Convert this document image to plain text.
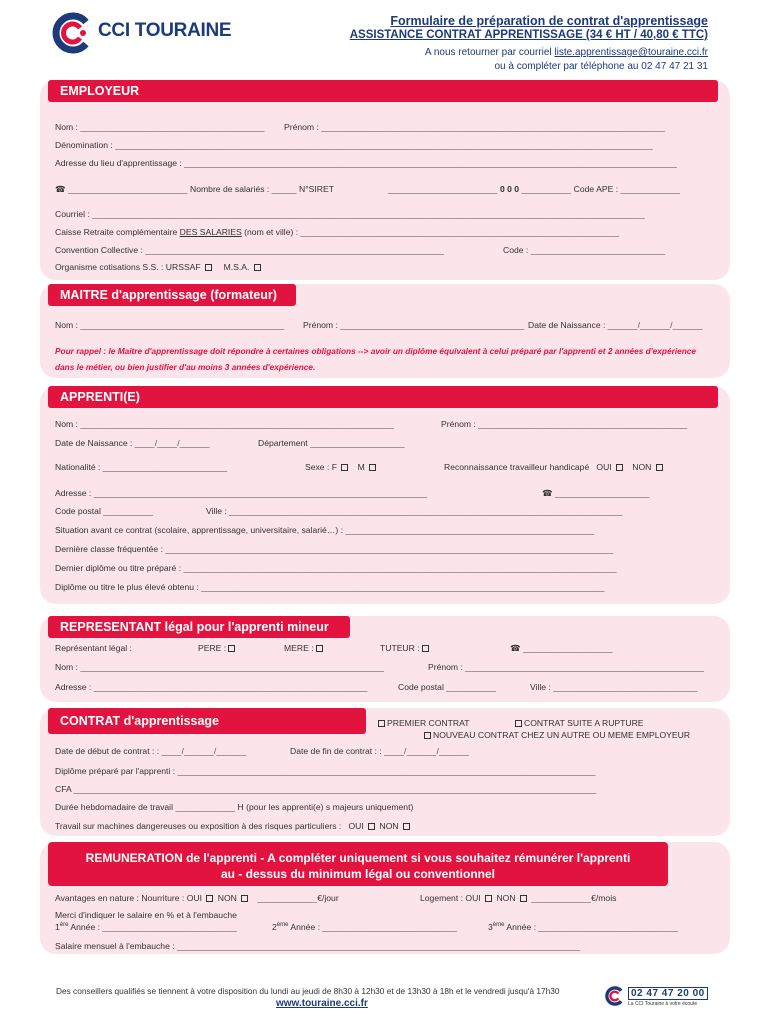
CCI TOURAINE	Formulaire de préparation de contrat d'apprentissage
ASSISTANCE CONTRAT APPRENTISSAGE (34 € HT / 40,80 € TTC)
A nous retourner par courriel liste.apprentissage@touraine.cci.fr
ou à compléter par téléphone au 02 47 47 21 31
EMPLOYEUR
Nom : _____________________________________ Prénom : _____________________________________________________________________
Dénomination : ____________________________________________________________________________________________________________
Adresse du lieu d'apprentissage : ___________________________________________________________________________________________________
☎ ________________________ Nombre de salariés : _____ N°SIRET	______________________ 0 0 0 __________ Code APE : ____________
Courriel : _______________________________________________________________________________________________________________
Caisse Retraite complémentaire DES SALARIES (nom et ville) : ________________________________________________________________
Convention Collective : ____________________________________________________________	Code : ___________________________
Organisme cotisations S.S. : URSSAF	M.S.A.
MAITRE d'apprentissage (formateur)
Nom : _________________________________________ Prénom : _____________________________________ Date de Naissance : ______/______/______
Pour rappel : le Maitre d'apprentissage doit répondre à certaines obligations --> avoir un diplôme équivalent à celui préparé par l'apprenti et 2 années d'expérience
dans le métier, ou bien justifier d'au moins 3 années d'expérience.
APPRENTI(E)
Nom : _______________________________________________________________	Prénom : __________________________________________
Date de Naissance : ____/____/______	Département ___________________
Nationalité : _________________________	Sexe : F M	Reconnaissance travailleur handicapé OUI NON
Adresse : ___________________________________________________________________	☎ ___________________
Code postal __________	Ville : _______________________________________________________________________________
Situation avant ce contrat (scolaire, apprentissage, universitaire, salarié…) : __________________________________________________
Dernière classe fréquentée : __________________________________________________________________________________________
Dernier diplôme ou titre préparé : _______________________________________________________________________________________
Diplôme ou titre le plus élevé obtenu : _________________________________________________________________________________
REPRESENTANT légal pour l'apprenti mineur
Représentant légal :	PERE :	MERE :	TUTEUR :	☎ __________________
Nom : _____________________________________________________________	Prénom : ________________________________________________
Adresse : _______________________________________________________	Code postal __________	Ville : _____________________________
CONTRAT d'apprentissage	PREMIER CONTRAT	CONTRAT SUITE A RUPTURE
NOUVEAU CONTRAT CHEZ UN AUTRE OU MEME EMPLOYEUR
Date de début de contrat : : ____/______/______	Date de fin de contrat : : ____/______/______
Diplôme préparé par l'apprenti : ____________________________________________________________________________________
CFA _________________________________________________________________________________________________________
Durée hebdomadaire de travail ____________ H (pour les apprenti(e) s majeurs uniquement)
Travail sur machines dangereuses ou exposition à des risques particuliers : OUI NON
REMUNERATION de l'apprenti - A compléter uniquement si vous souhaitez rémunérer l'apprenti
au - dessus du minimum légal ou conventionnel
Avantages en nature : Nourriture : OUI NON ____________€/jour	Logement : OUI NON ____________€/mois
Merci d'indiquer le salaire en % et à l'embauche
1ère Année : ___________________________	2ème Année : ___________________________	3ème Année : ____________________________
Salaire mensuel à l'embauche : _________________________________________________________________________________
Des conseillers qualifiés se tiennent à votre disposition du lundi au jeudi de 8h30 à 12h30 et de 13h30 à 18h et le vendredi jusqu'à 17h30
www.touraine.cci.fr
02 47 47 20 00
La CCI Touraine à votre écoute
